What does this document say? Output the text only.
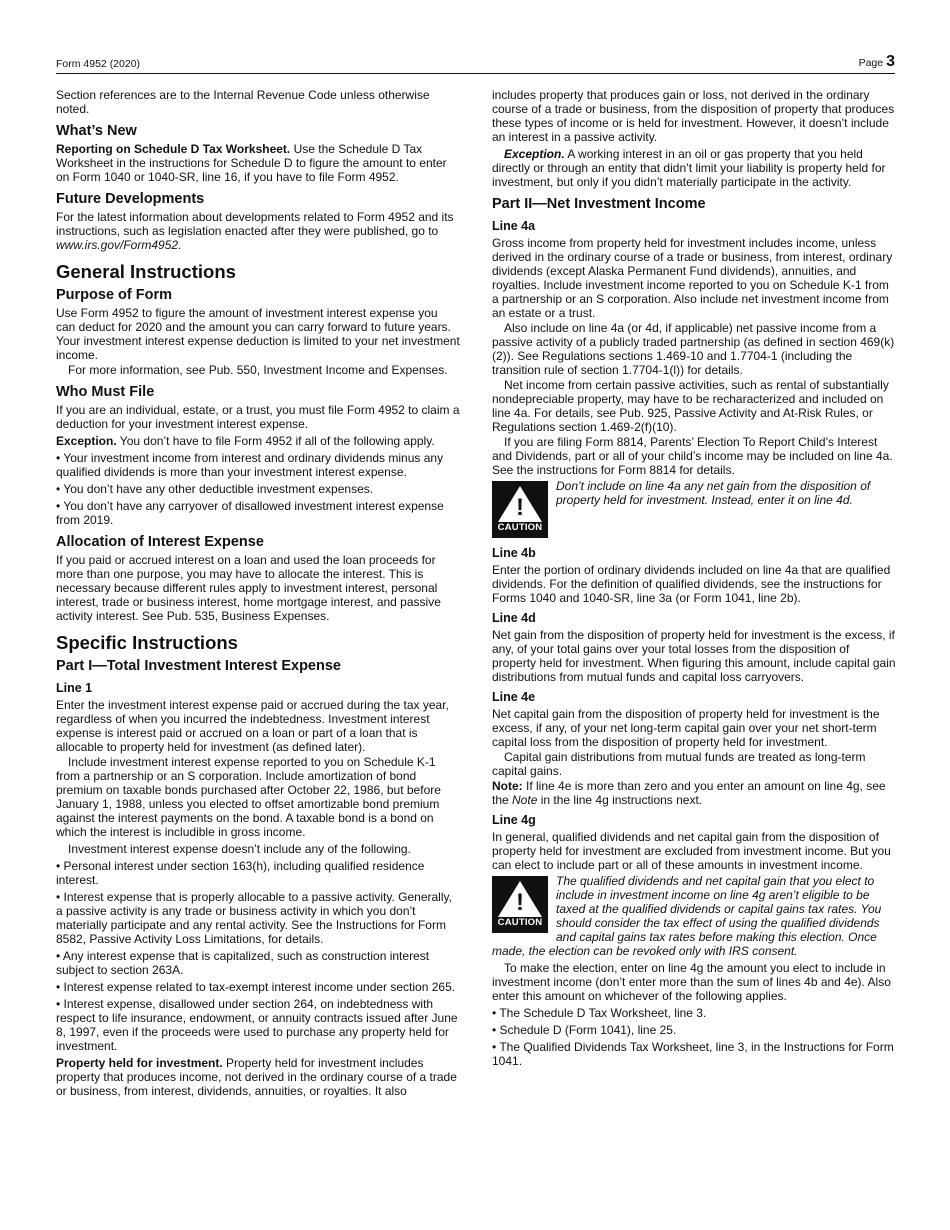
Form 4952 (2020)	Page 3

Section references are to the Internal Revenue Code unless otherwise noted.

What’s New

Reporting on Schedule D Tax Worksheet. Use the Schedule D Tax Worksheet in the instructions for Schedule D to figure the amount to enter on Form 1040 or 1040-SR, line 16, if you have to file Form 4952.

Future Developments

For the latest information about developments related to Form 4952 and its instructions, such as legislation enacted after they were published, go to www.irs.gov/Form4952.

General Instructions
Purpose of Form

Use Form 4952 to figure the amount of investment interest expense you can deduct for 2020 and the amount you can carry forward to future years. Your investment interest expense deduction is limited to your net investment income.

For more information, see Pub. 550, Investment Income and Expenses.

Who Must File

If you are an individual, estate, or a trust, you must file Form 4952 to claim a deduction for your investment interest expense.

Exception. You don’t have to file Form 4952 if all of the following apply.

• Your investment income from interest and ordinary dividends minus any qualified dividends is more than your investment interest expense.

• You don’t have any other deductible investment expenses.

• You don’t have any carryover of disallowed investment interest expense from 2019.

Allocation of Interest Expense

If you paid or accrued interest on a loan and used the loan proceeds for more than one purpose, you may have to allocate the interest. This is necessary because different rules apply to investment interest, personal interest, trade or business interest, home mortgage interest, and passive activity interest. See Pub. 535, Business Expenses.

Specific Instructions
Part I—Total Investment Interest Expense
Line 1

Enter the investment interest expense paid or accrued during the tax year, regardless of when you incurred the indebtedness. Investment interest expense is interest paid or accrued on a loan or part of a loan that is allocable to property held for investment (as defined later).

Include investment interest expense reported to you on Schedule K-1 from a partnership or an S corporation. Include amortization of bond premium on taxable bonds purchased after October 22, 1986, but before January 1, 1988, unless you elected to offset amortizable bond premium against the interest payments on the bond. A taxable bond is a bond on which the interest is includible in gross income.

Investment interest expense doesn’t include any of the following.

• Personal interest under section 163(h), including qualified residence interest.

• Interest expense that is properly allocable to a passive activity. Generally, a passive activity is any trade or business activity in which you don’t materially participate and any rental activity. See the Instructions for Form 8582, Passive Activity Loss Limitations, for details.

• Any interest expense that is capitalized, such as construction interest subject to section 263A.

• Interest expense related to tax-exempt interest income under section 265.

• Interest expense, disallowed under section 264, on indebtedness with respect to life insurance, endowment, or annuity contracts issued after June 8, 1997, even if the proceeds were used to purchase any property held for investment.

Property held for investment. Property held for investment includes property that produces income, not derived in the ordinary course of a trade or business, from interest, dividends, annuities, or royalties. It also

includes property that produces gain or loss, not derived in the ordinary course of a trade or business, from the disposition of property that produces these types of income or is held for investment. However, it doesn’t include an interest in a passive activity.

Exception. A working interest in an oil or gas property that you held directly or through an entity that didn’t limit your liability is property held for investment, but only if you didn’t materially participate in the activity.

Part II—Net Investment Income
Line 4a

Gross income from property held for investment includes income, unless derived in the ordinary course of a trade or business, from interest, ordinary dividends (except Alaska Permanent Fund dividends), annuities, and royalties. Include investment income reported to you on Schedule K-1 from a partnership or an S corporation. Also include net investment income from an estate or a trust.

Also include on line 4a (or 4d, if applicable) net passive income from a passive activity of a publicly traded partnership (as defined in section 469(k)(2)). See Regulations sections 1.469-10 and 1.7704-1 (including the transition rule of section 1.7704-1(l)) for details.

Net income from certain passive activities, such as rental of substantially nondepreciable property, may have to be recharacterized and included on line 4a. For details, see Pub. 925, Passive Activity and At-Risk Rules, or Regulations section 1.469-2(f)(10).

If you are filing Form 8814, Parents’ Election To Report Child’s Interest and Dividends, part or all of your child’s income may be included on line 4a. See the instructions for Form 8814 for details.

!
CAUTION

Don’t include on line 4a any net gain from the disposition of property held for investment. Instead, enter it on line 4d.

Line 4b

Enter the portion of ordinary dividends included on line 4a that are qualified dividends. For the definition of qualified dividends, see the instructions for Forms 1040 and 1040-SR, line 3a (or Form 1041, line 2b).

Line 4d

Net gain from the disposition of property held for investment is the excess, if any, of your total gains over your total losses from the disposition of property held for investment. When figuring this amount, include capital gain distributions from mutual funds and capital loss carryovers.

Line 4e

Net capital gain from the disposition of property held for investment is the excess, if any, of your net long-term capital gain over your net short-term capital loss from the disposition of property held for investment.

Capital gain distributions from mutual funds are treated as long-term capital gains.

Note: If line 4e is more than zero and you enter an amount on line 4g, see the Note in the line 4g instructions next.

Line 4g

In general, qualified dividends and net capital gain from the disposition of property held for investment are excluded from investment income. But you can elect to include part or all of these amounts in investment income.

!
CAUTION

The qualified dividends and net capital gain that you elect to include in investment income on line 4g aren’t eligible to be taxed at the qualified dividends or capital gains tax rates. You should consider the tax effect of using the qualified dividends and capital gains tax rates before making this election. Once made, the election can be revoked only with IRS consent.

To make the election, enter on line 4g the amount you elect to include in investment income (don’t enter more than the sum of lines 4b and 4e). Also enter this amount on whichever of the following applies.

• The Schedule D Tax Worksheet, line 3.

• Schedule D (Form 1041), line 25.

• The Qualified Dividends Tax Worksheet, line 3, in the Instructions for Form 1041.
